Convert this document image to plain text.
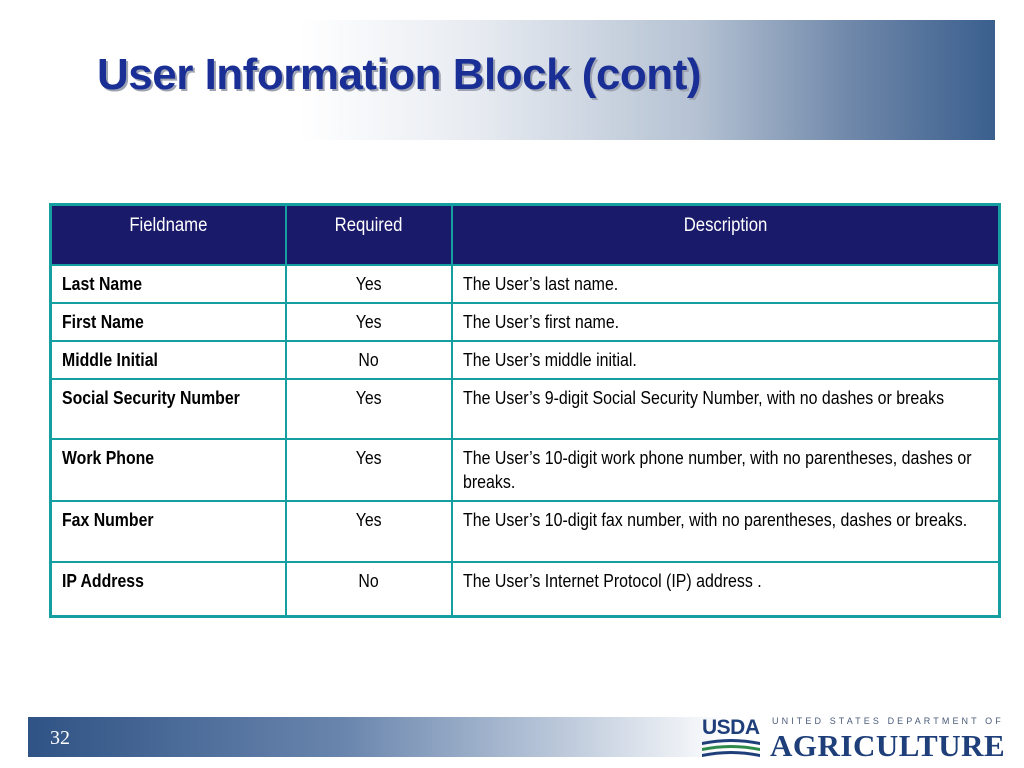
User Information Block (cont)
Fieldname	Required	Description
Last Name	Yes	The User’s last name.

First Name	Yes	The User’s first name.

Middle Initial	No	The User’s middle initial.

Social Security Number	Yes	The User’s 9-digit Social Security Number, with no dashes or breaks

Work Phone	Yes	The User’s 10-digit work phone number, with no parentheses, dashes or breaks.

Fax Number	Yes	The User’s 10-digit fax number, with no parentheses, dashes or breaks.

IP Address	No	The User’s Internet Protocol (IP) address .
32	USDA UNITED STATES DEPARTMENT OF
AGRICULTURE
